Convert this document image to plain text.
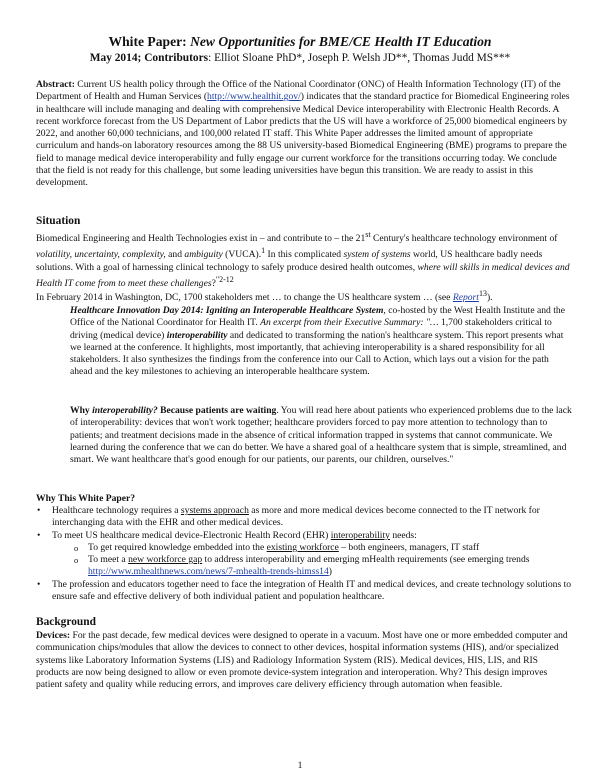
White Paper: New Opportunities for BME/CE Health IT Education
May 2014; Contributors: Elliot Sloane PhD*, Joseph P. Welsh JD**, Thomas Judd MS***

Abstract: Current US health policy through the Office of the National Coordinator (ONC) of Health Information Technology (IT) of the Department of Health and Human Services (http://www.healthit.gov/) indicates that the standard practice for Biomedical Engineering roles in healthcare will include managing and dealing with comprehensive Medical Device interoperability with Electronic Health Records. A recent workforce forecast from the US Department of Labor predicts that the US will have a workforce of 25,000 biomedical engineers by 2022, and another 60,000 technicians, and 100,000 related IT staff. This White Paper addresses the limited amount of appropriate curriculum and hands-on laboratory resources among the 88 US university-based Biomedical Engineering (BME) programs to prepare the field to manage medical device interoperability and fully engage our current workforce for the transitions occurring today. We conclude that the field is not ready for this challenge, but some leading universities have begun this transition. We are ready to assist in this development.

Situation

Biomedical Engineering and Health Technologies exist in – and contribute to – the 21st Century's healthcare technology environment of volatility, uncertainty, complexity, and ambiguity (VUCA).$^1$ In this complicated system of systems world, US healthcare badly needs solutions. With a goal of harnessing clinical technology to safely produce desired health outcomes, where will skills in medical devices and Health IT come from to meet these challenges?$^{"2-12}$

In February 2014 in Washington, DC, 1700 stakeholders met … to change the US healthcare system … (see Report$^{13}$).

Healthcare Innovation Day 2014: Igniting an Interoperable Healthcare System, co-hosted by the West Health Institute and the Office of the National Coordinator for Health IT. An excerpt from their Executive Summary: "… 1,700 stakeholders critical to driving (medical device) interoperability and dedicated to transforming the nation's healthcare system. This report presents what we learned at the conference. It highlights, most importantly, that achieving interoperability is a shared responsibility for all stakeholders. It also synthesizes the findings from the conference into our Call to Action, which lays out a vision for the path ahead and the key milestones to achieving an interoperable healthcare system.

Why interoperability? Because patients are waiting. You will read here about patients who experienced problems due to the lack of interoperability: devices that won't work together; healthcare providers forced to pay more attention to technology than to patients; and treatment decisions made in the absence of critical information trapped in systems that cannot communicate. We learned during the conference that we can do better. We have a shared goal of a healthcare system that is simple, streamlined, and smart. We want healthcare that's good enough for our patients, our parents, our children, ourselves."

Why This White Paper?
• Healthcare technology requires a systems approach as more and more medical devices become connected to the IT network for interchanging data with the EHR and other medical devices.
• To meet US healthcare medical device-Electronic Health Record (EHR) interoperability needs:
o To get required knowledge embedded into the existing workforce – both engineers, managers, IT staff
o To meet a new workforce gap to address interoperability and emerging mHealth requirements (see emerging trends http://www.mhealthnews.com/news/7-mhealth-trends-himss14)
• The profession and educators together need to face the integration of Health IT and medical devices, and create technology solutions to ensure safe and effective delivery of both individual patient and population healthcare.
Background

Devices: For the past decade, few medical devices were designed to operate in a vacuum. Most have one or more embedded computer and communication chips/modules that allow the devices to connect to other devices, hospital information systems (HIS), and/or specialized systems like Laboratory Information Systems (LIS) and Radiology Information System (RIS). Medical devices, HIS, LIS, and RIS products are now being designed to allow or even promote device-system integration and interoperation. Why? This design improves patient safety and quality while reducing errors, and improves care delivery efficiency through automation when feasible.

1
